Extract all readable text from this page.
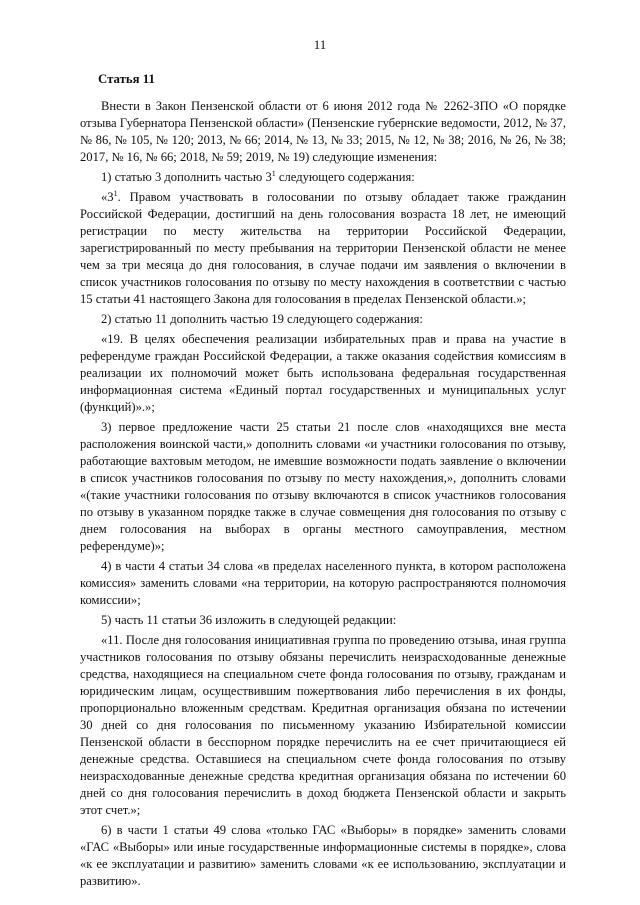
11
Статья 11

Внести в Закон Пензенской области от 6 июня 2012 года № 2262-ЗПО «О порядке отзыва Губернатора Пензенской области» (Пензенские губернские ведомости, 2012, № 37, № 86, № 105, № 120; 2013, № 66; 2014, № 13, № 33; 2015, № 12, № 38; 2016, № 26, № 38; 2017, № 16, № 66; 2018, № 59; 2019, № 19) следующие изменения:

1) статью 3 дополнить частью $3^1$ следующего содержания:

«$3^1$. Правом участвовать в голосовании по отзыву обладает также гражданин Российской Федерации, достигший на день голосования возраста 18 лет, не имеющий регистрации по месту жительства на территории Российской Федерации, зарегистрированный по месту пребывания на территории Пензенской области не менее чем за три месяца до дня голосования, в случае подачи им заявления о включении в список участников голосования по отзыву по месту нахождения в соответствии с частью 15 статьи 41 настоящего Закона для голосования в пределах Пензенской области.»;

2) статью 11 дополнить частью 19 следующего содержания:

«19. В целях обеспечения реализации избирательных прав и права на участие в референдуме граждан Российской Федерации, а также оказания содействия комиссиям в реализации их полномочий может быть использована федеральная государственная информационная система «Единый портал государственных и муниципальных услуг (функций)».»;

3) первое предложение части 25 статьи 21 после слов «находящихся вне места расположения воинской части,» дополнить словами «и участники голосования по отзыву, работающие вахтовым методом, не имевшие возможности подать заявление о включении в список участников голосования по отзыву по месту нахождения,», дополнить словами «(такие участники голосования по отзыву включаются в список участников голосования по отзыву в указанном порядке также в случае совмещения дня голосования по отзыву с днем голосования на выборах в органы местного самоуправления, местном референдуме)»;

4) в части 4 статьи 34 слова «в пределах населенного пункта, в котором расположена комиссия» заменить словами «на территории, на которую распространяются полномочия комиссии»;

5) часть 11 статьи 36 изложить в следующей редакции:

«11. После дня голосования инициативная группа по проведению отзыва, иная группа участников голосования по отзыву обязаны перечислить неизрасходованные денежные средства, находящиеся на специальном счете фонда голосования по отзыву, гражданам и юридическим лицам, осуществившим пожертвования либо перечисления в их фонды, пропорционально вложенным средствам. Кредитная организация обязана по истечении 30 дней со дня голосования по письменному указанию Избирательной комиссии Пензенской области в бесспорном порядке перечислить на ее счет причитающиеся ей денежные средства. Оставшиеся на специальном счете фонда голосования по отзыву неизрасходованные денежные средства кредитная организация обязана по истечении 60 дней со дня голосования перечислить в доход бюджета Пензенской области и закрыть этот счет.»;

6) в части 1 статьи 49 слова «только ГАС «Выборы» в порядке» заменить словами «ГАС «Выборы» или иные государственные информационные системы в порядке», слова «к ее эксплуатации и развитию» заменить словами «к ее использованию, эксплуатации и развитию».
